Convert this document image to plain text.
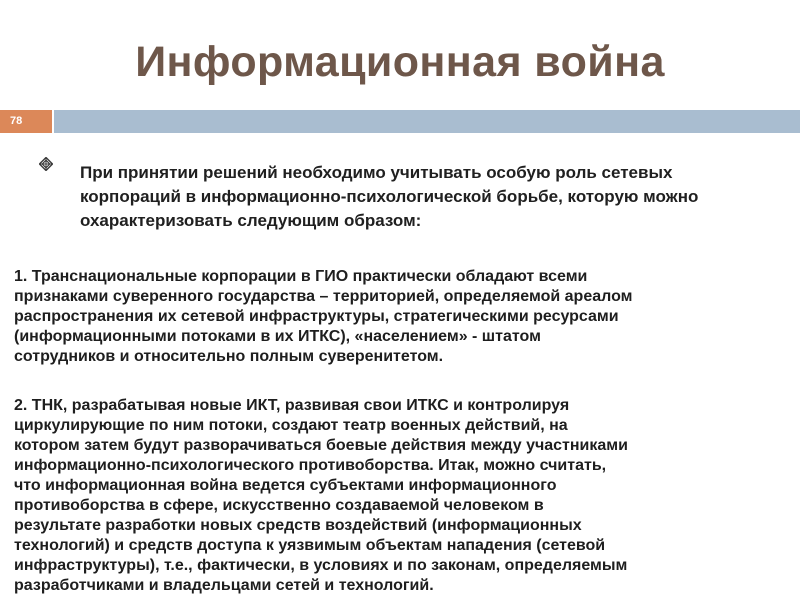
Информационная война
78
При принятии решений необходимо учитывать особую роль сетевых корпораций в информационно-психологической борьбе, которую можно охарактеризовать следующим образом:
1. Транснациональные корпорации в ГИО практически обладают всеми
признаками суверенного государства – территорией, определяемой ареалом
распространения их сетевой инфраструктуры, стратегическими ресурсами
(информационными потоками в их ИТКС), «населением» - штатом
сотрудников и относительно полным суверенитетом.
2. ТНК, разрабатывая новые ИКТ, развивая свои ИТКС и контролируя
циркулирующие по ним потоки, создают театр военных действий, на
котором затем будут разворачиваться боевые действия между участниками
информационно-психологического противоборства. Итак, можно считать,
что информационная война ведется субъектами информационного
противоборства в сфере, искусственно создаваемой человеком в
результате разработки новых средств воздействий (информационных
технологий) и средств доступа к уязвимым объектам нападения (сетевой
инфраструктуры), т.е., фактически, в условиях и по законам, определяемым
разработчиками и владельцами сетей и технологий.
